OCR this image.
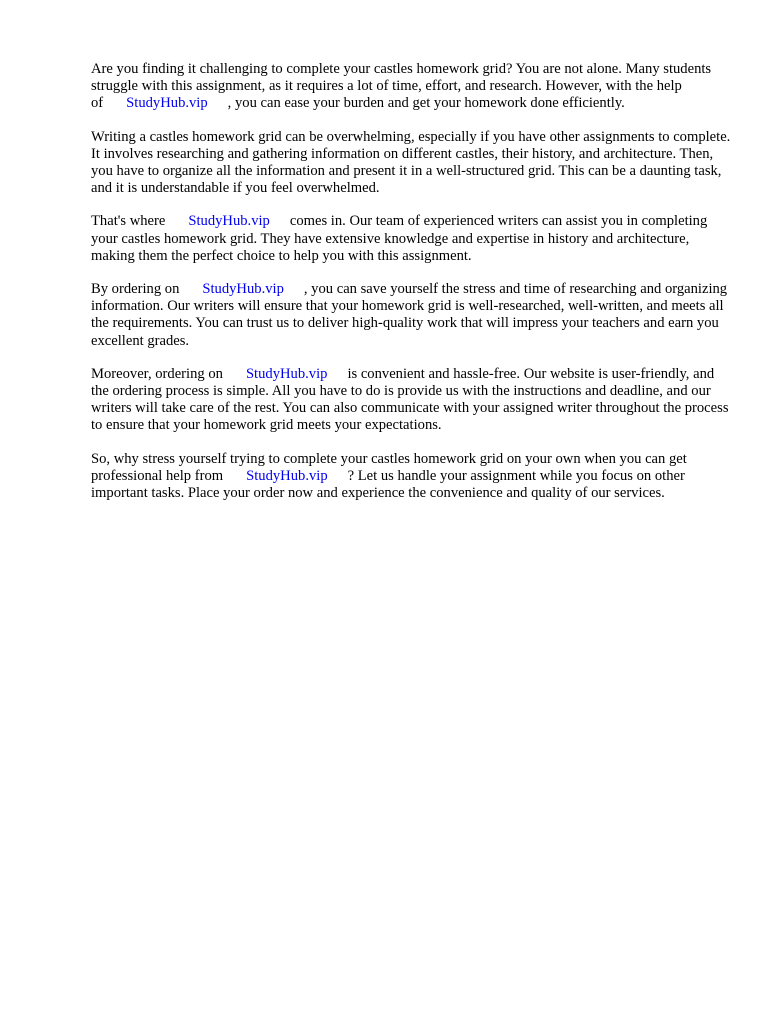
Are you finding it challenging to complete your castles homework grid? You are not alone. Many students struggle with this assignment, as it requires a lot of time, effort, and research. However, with the help of StudyHub.vip , you can ease your burden and get your homework done efficiently.

Writing a castles homework grid can be overwhelming, especially if you have other assignments to complete. It involves researching and gathering information on different castles, their history, and architecture. Then, you have to organize all the information and present it in a well-structured grid. This can be a daunting task, and it is understandable if you feel overwhelmed.

That's where StudyHub.vip comes in. Our team of experienced writers can assist you in completing your castles homework grid. They have extensive knowledge and expertise in history and architecture, making them the perfect choice to help you with this assignment.

By ordering on StudyHub.vip , you can save yourself the stress and time of researching and organizing information. Our writers will ensure that your homework grid is well-researched, well-written, and meets all the requirements. You can trust us to deliver high-quality work that will impress your teachers and earn you excellent grades.

Moreover, ordering on StudyHub.vip is convenient and hassle-free. Our website is user-friendly, and the ordering process is simple. All you have to do is provide us with the instructions and deadline, and our writers will take care of the rest. You can also communicate with your assigned writer throughout the process to ensure that your homework grid meets your expectations.

So, why stress yourself trying to complete your castles homework grid on your own when you can get professional help from StudyHub.vip ? Let us handle your assignment while you focus on other important tasks. Place your order now and experience the convenience and quality of our services.
